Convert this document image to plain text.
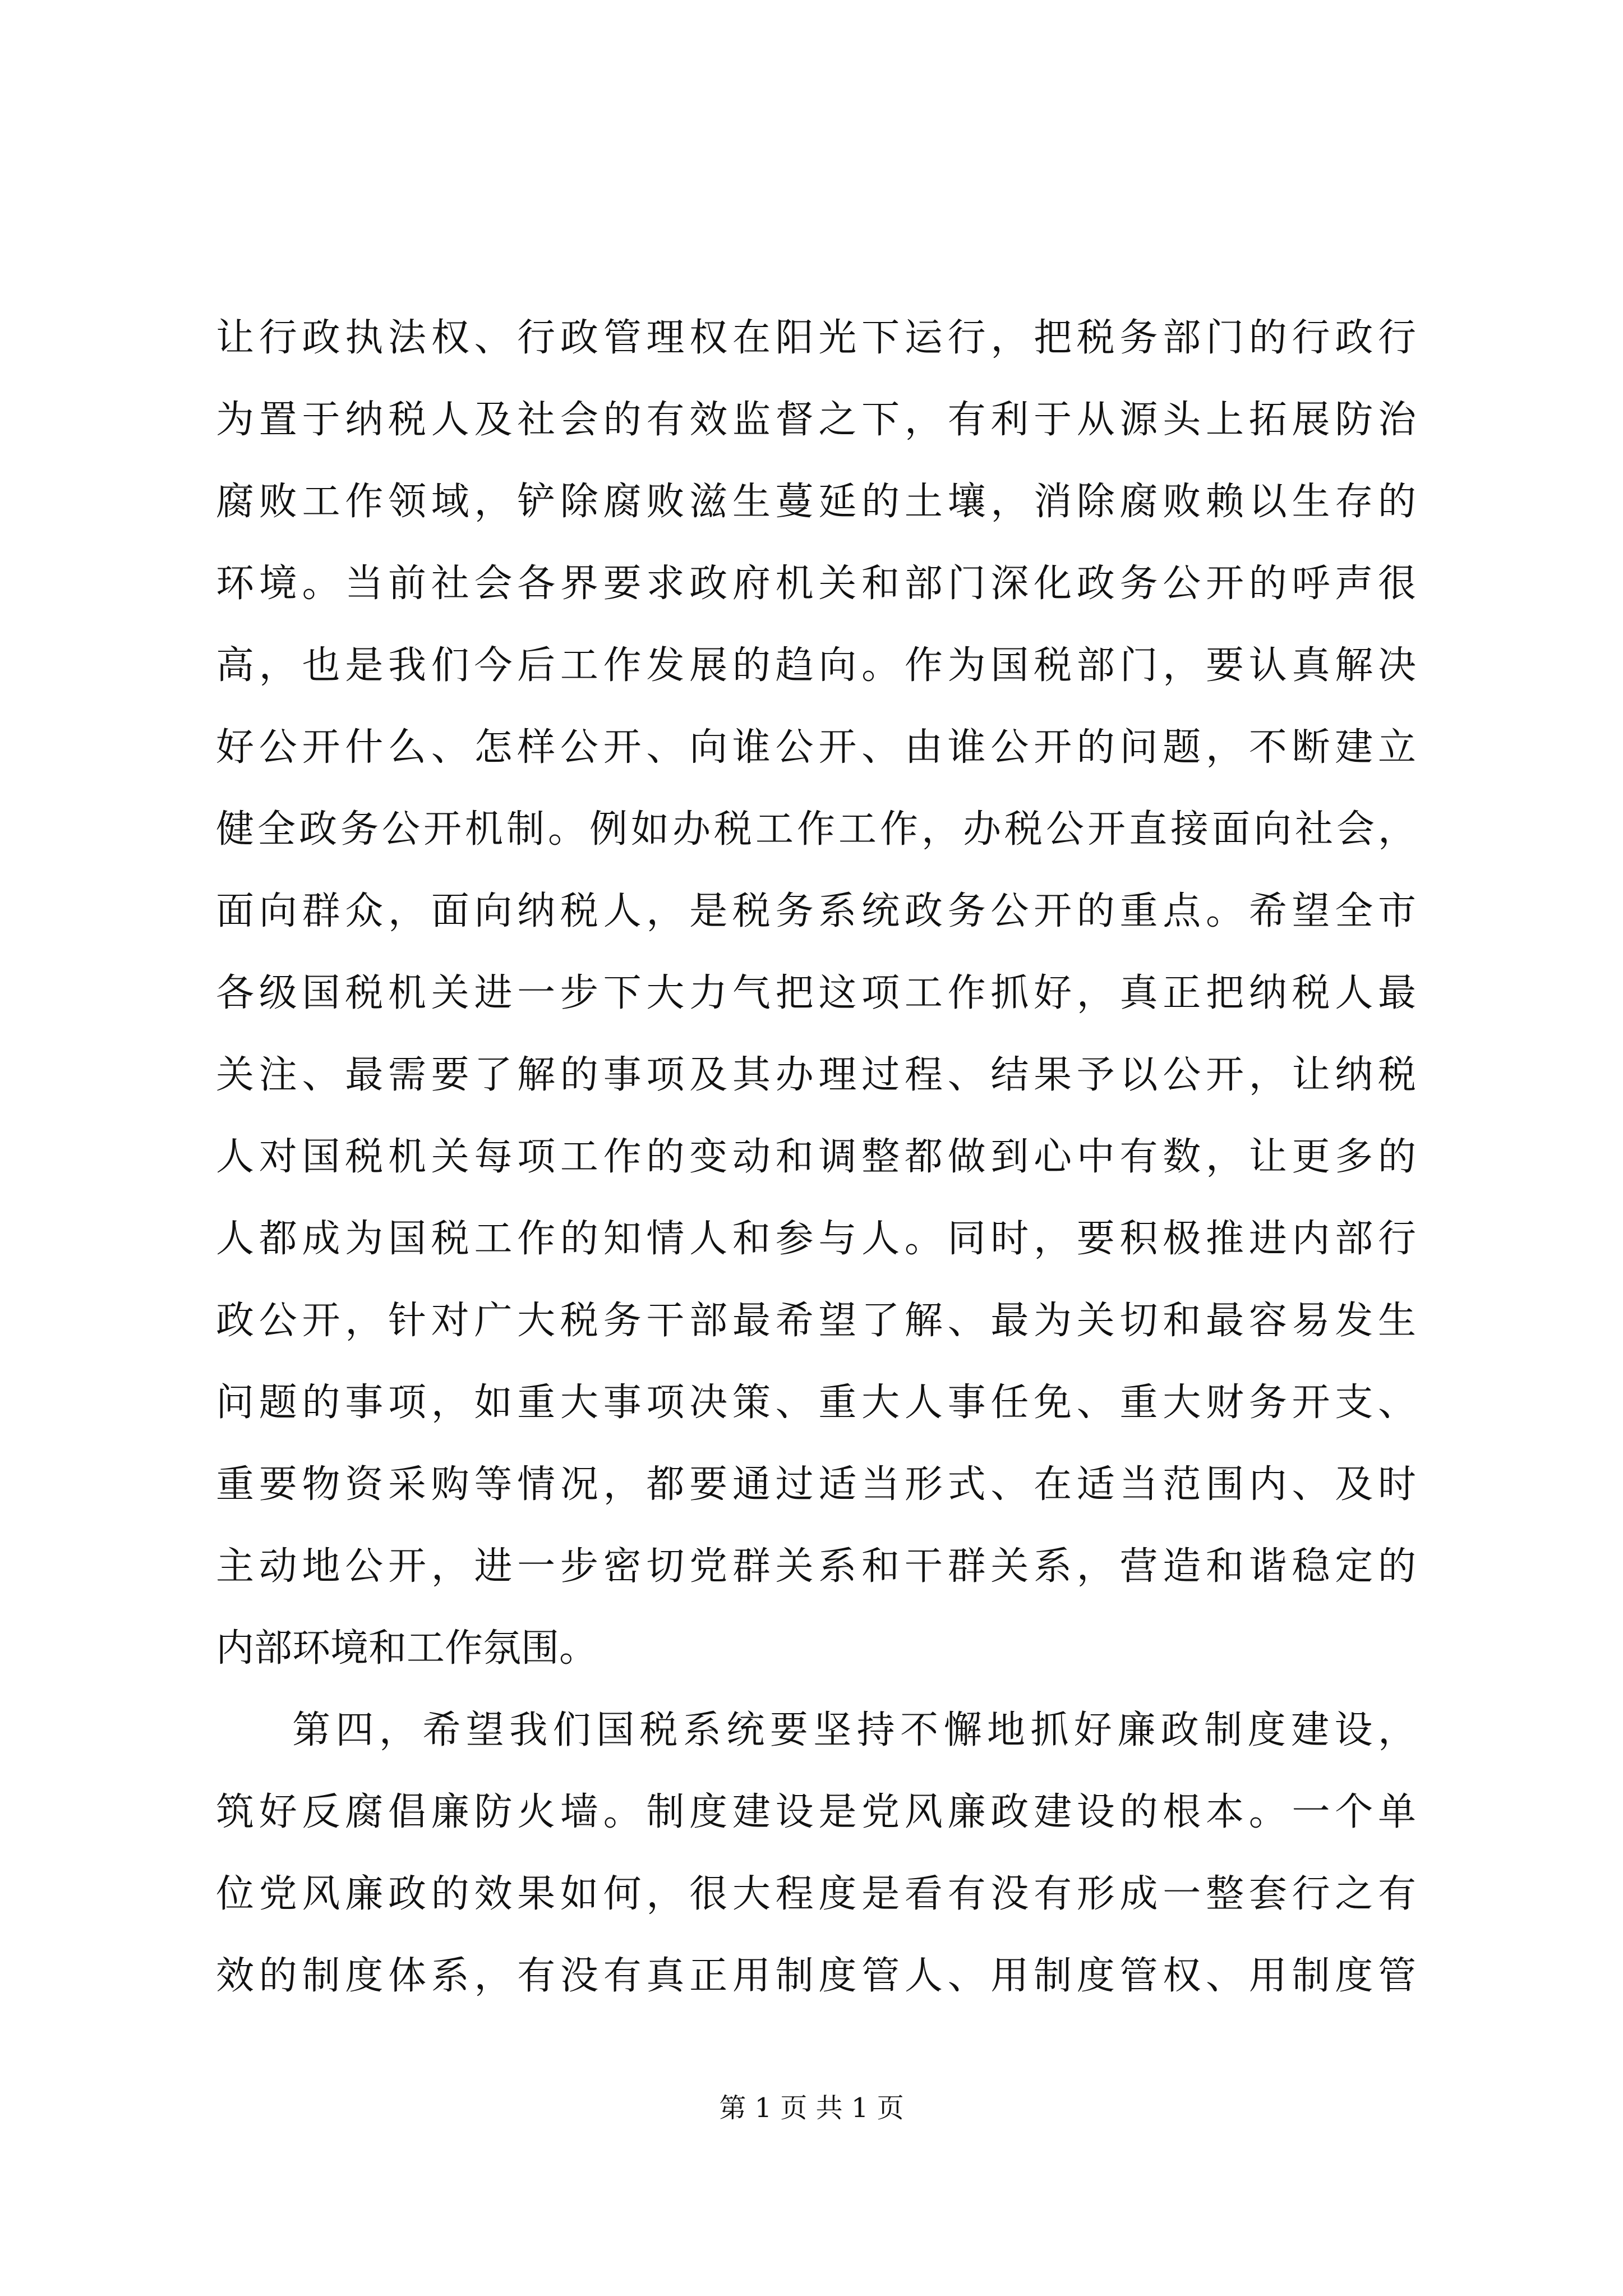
让行政执法权、行政管理权在阳光下运行，把税务部门的行政行
为置于纳税人及社会的有效监督之下，有利于从源头上拓展防治
腐败工作领域，铲除腐败滋生蔓延的土壤，消除腐败赖以生存的
环境。当前社会各界要求政府机关和部门深化政务公开的呼声很
高，也是我们今后工作发展的趋向。作为国税部门，要认真解决
好公开什么、怎样公开、向谁公开、由谁公开的问题，不断建立
健全政务公开机制。例如办税工作工作，办税公开直接面向社会，
面向群众，面向纳税人，是税务系统政务公开的重点。希望全市
各级国税机关进一步下大力气把这项工作抓好，真正把纳税人最
关注、最需要了解的事项及其办理过程、结果予以公开，让纳税
人对国税机关每项工作的变动和调整都做到心中有数，让更多的
人都成为国税工作的知情人和参与人。同时，要积极推进内部行
政公开，针对广大税务干部最希望了解、最为关切和最容易发生
问题的事项，如重大事项决策、重大人事任免、重大财务开支、
重要物资采购等情况，都要通过适当形式、在适当范围内、及时
主动地公开，进一步密切党群关系和干群关系，营造和谐稳定的
内部环境和工作氛围。
第四，希望我们国税系统要坚持不懈地抓好廉政制度建设，
筑好反腐倡廉防火墙。制度建设是党风廉政建设的根本。一个单
位党风廉政的效果如何，很大程度是看有没有形成一整套行之有
效的制度体系，有没有真正用制度管人、用制度管权、用制度管
第 1 页 共 1 页
